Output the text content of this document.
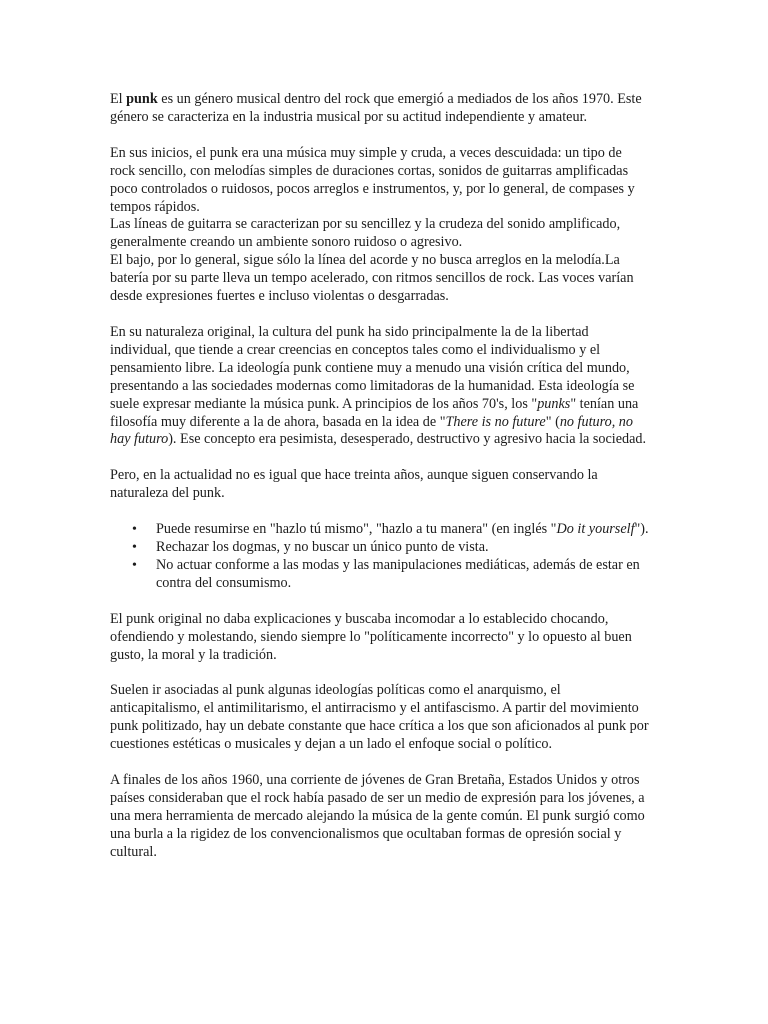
El punk es un género musical dentro del rock que emergió a mediados de los años 1970. Este género se caracteriza en la industria musical por su actitud independiente y amateur.

En sus inicios, el punk era una música muy simple y cruda, a veces descuidada: un tipo de rock sencillo, con melodías simples de duraciones cortas, sonidos de guitarras amplificadas poco controlados o ruidosos, pocos arreglos e instrumentos, y, por lo general, de compases y tempos rápidos.

Las líneas de guitarra se caracterizan por su sencillez y la crudeza del sonido amplificado, generalmente creando un ambiente sonoro ruidoso o agresivo.

El bajo, por lo general, sigue sólo la línea del acorde y no busca arreglos en la melodía.La batería por su parte lleva un tempo acelerado, con ritmos sencillos de rock. Las voces varían desde expresiones fuertes e incluso violentas o desgarradas.

En su naturaleza original, la cultura del punk ha sido principalmente la de la libertad individual, que tiende a crear creencias en conceptos tales como el individualismo y el pensamiento libre. La ideología punk contiene muy a menudo una visión crítica del mundo, presentando a las sociedades modernas como limitadoras de la humanidad. Esta ideología se suele expresar mediante la música punk. A principios de los años 70's, los "punks" tenían una filosofía muy diferente a la de ahora, basada en la idea de "There is no future" (no futuro, no hay futuro). Ese concepto era pesimista, desesperado, destructivo y agresivo hacia la sociedad.

Pero, en la actualidad no es igual que hace treinta años, aunque siguen conservando la naturaleza del punk.

• Puede resumirse en "hazlo tú mismo", "hazlo a tu manera" (en inglés "Do it yourself").
• Rechazar los dogmas, y no buscar un único punto de vista.
• No actuar conforme a las modas y las manipulaciones mediáticas, además de estar en contra del consumismo.

El punk original no daba explicaciones y buscaba incomodar a lo establecido chocando, ofendiendo y molestando, siendo siempre lo "políticamente incorrecto" y lo opuesto al buen gusto, la moral y la tradición.

Suelen ir asociadas al punk algunas ideologías políticas como el anarquismo, el anticapitalismo, el antimilitarismo, el antirracismo y el antifascismo. A partir del movimiento punk politizado, hay un debate constante que hace crítica a los que son aficionados al punk por cuestiones estéticas o musicales y dejan a un lado el enfoque social o político.

A finales de los años 1960, una corriente de jóvenes de Gran Bretaña, Estados Unidos y otros países consideraban que el rock había pasado de ser un medio de expresión para los jóvenes, a una mera herramienta de mercado alejando la música de la gente común. El punk surgió como una burla a la rigidez de los convencionalismos que ocultaban formas de opresión social y cultural.
